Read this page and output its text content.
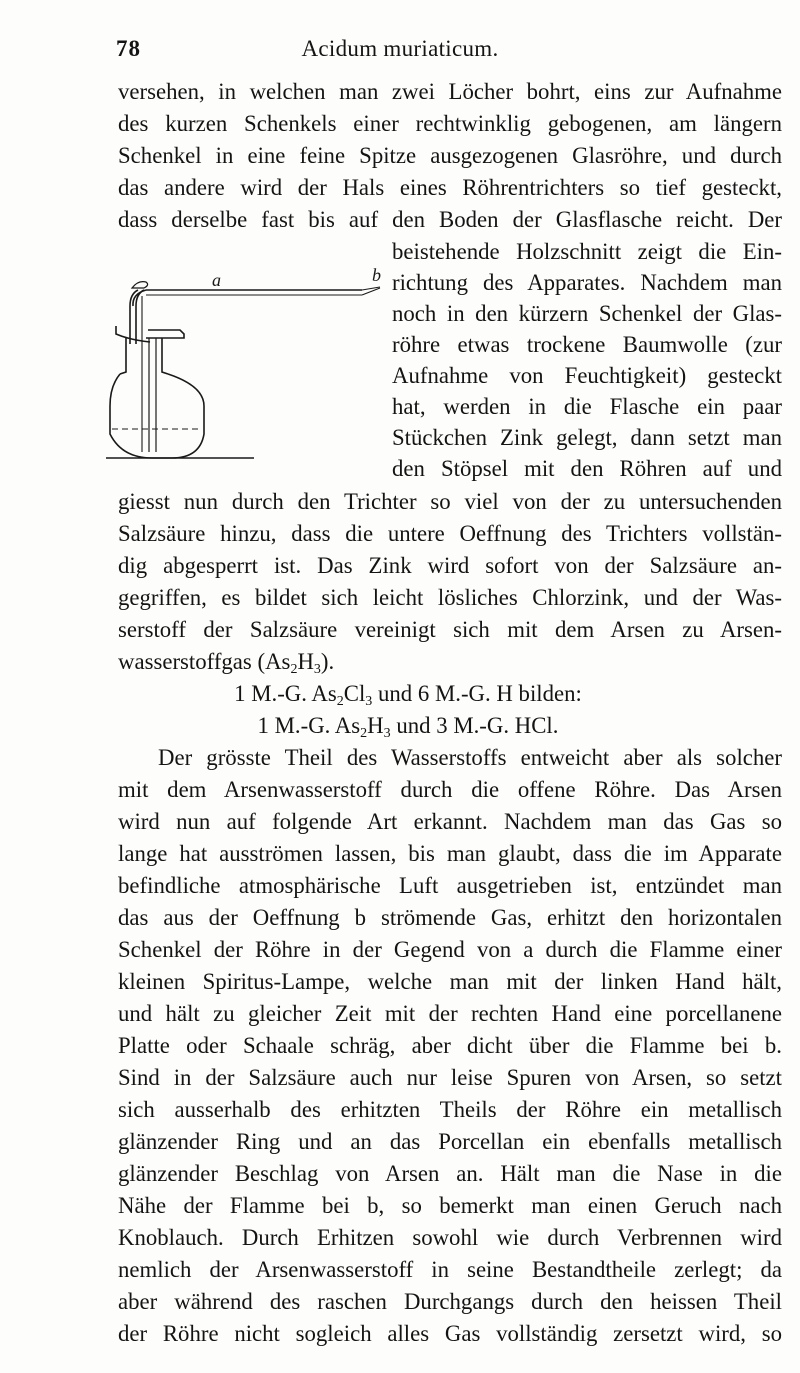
78	Acidum muriaticum.
versehen, in welchen man zwei Löcher bohrt, eins zur Aufnahme
des kurzen Schenkels einer rechtwinklig gebogenen, am längern
Schenkel in eine feine Spitze ausgezogenen Glasröhre, und durch
das andere wird der Hals eines Röhrentrichters so tief gesteckt,
dass derselbe fast bis auf den Boden der Glasflasche reicht. Der
a	b
beistehende Holzschnitt zeigt die Ein-
richtung des Apparates. Nachdem man
noch in den kürzern Schenkel der Glas-
röhre etwas trockene Baumwolle (zur
Aufnahme von Feuchtigkeit) gesteckt
hat, werden in die Flasche ein paar
Stückchen Zink gelegt, dann setzt man
den Stöpsel mit den Röhren auf und
giesst nun durch den Trichter so viel von der zu untersuchenden
Salzsäure hinzu, dass die untere Oeffnung des Trichters vollstän-
dig abgesperrt ist. Das Zink wird sofort von der Salzsäure an-
gegriffen, es bildet sich leicht lösliches Chlorzink, und der Was-
serstoff der Salzsäure vereinigt sich mit dem Arsen zu Arsen-
wasserstoffgas $(As_2H_3)$.
1 M.-G. $As_2Cl_3$ und 6 M.-G. H bilden:
1 M.-G. $As_2H_3$ und 3 M.-G. HCl.
Der grösste Theil des Wasserstoffs entweicht aber als solcher
mit dem Arsenwasserstoff durch die offene Röhre. Das Arsen
wird nun auf folgende Art erkannt. Nachdem man das Gas so
lange hat ausströmen lassen, bis man glaubt, dass die im Apparate
befindliche atmosphärische Luft ausgetrieben ist, entzündet man
das aus der Oeffnung b strömende Gas, erhitzt den horizontalen
Schenkel der Röhre in der Gegend von a durch die Flamme einer
kleinen Spiritus-Lampe, welche man mit der linken Hand hält,
und hält zu gleicher Zeit mit der rechten Hand eine porcellanene
Platte oder Schaale schräg, aber dicht über die Flamme bei b.
Sind in der Salzsäure auch nur leise Spuren von Arsen, so setzt
sich ausserhalb des erhitzten Theils der Röhre ein metallisch
glänzender Ring und an das Porcellan ein ebenfalls metallisch
glänzender Beschlag von Arsen an. Hält man die Nase in die
Nähe der Flamme bei b, so bemerkt man einen Geruch nach
Knoblauch. Durch Erhitzen sowohl wie durch Verbrennen wird
nemlich der Arsenwasserstoff in seine Bestandtheile zerlegt; da
aber während des raschen Durchgangs durch den heissen Theil
der Röhre nicht sogleich alles Gas vollständig zersetzt wird, so
